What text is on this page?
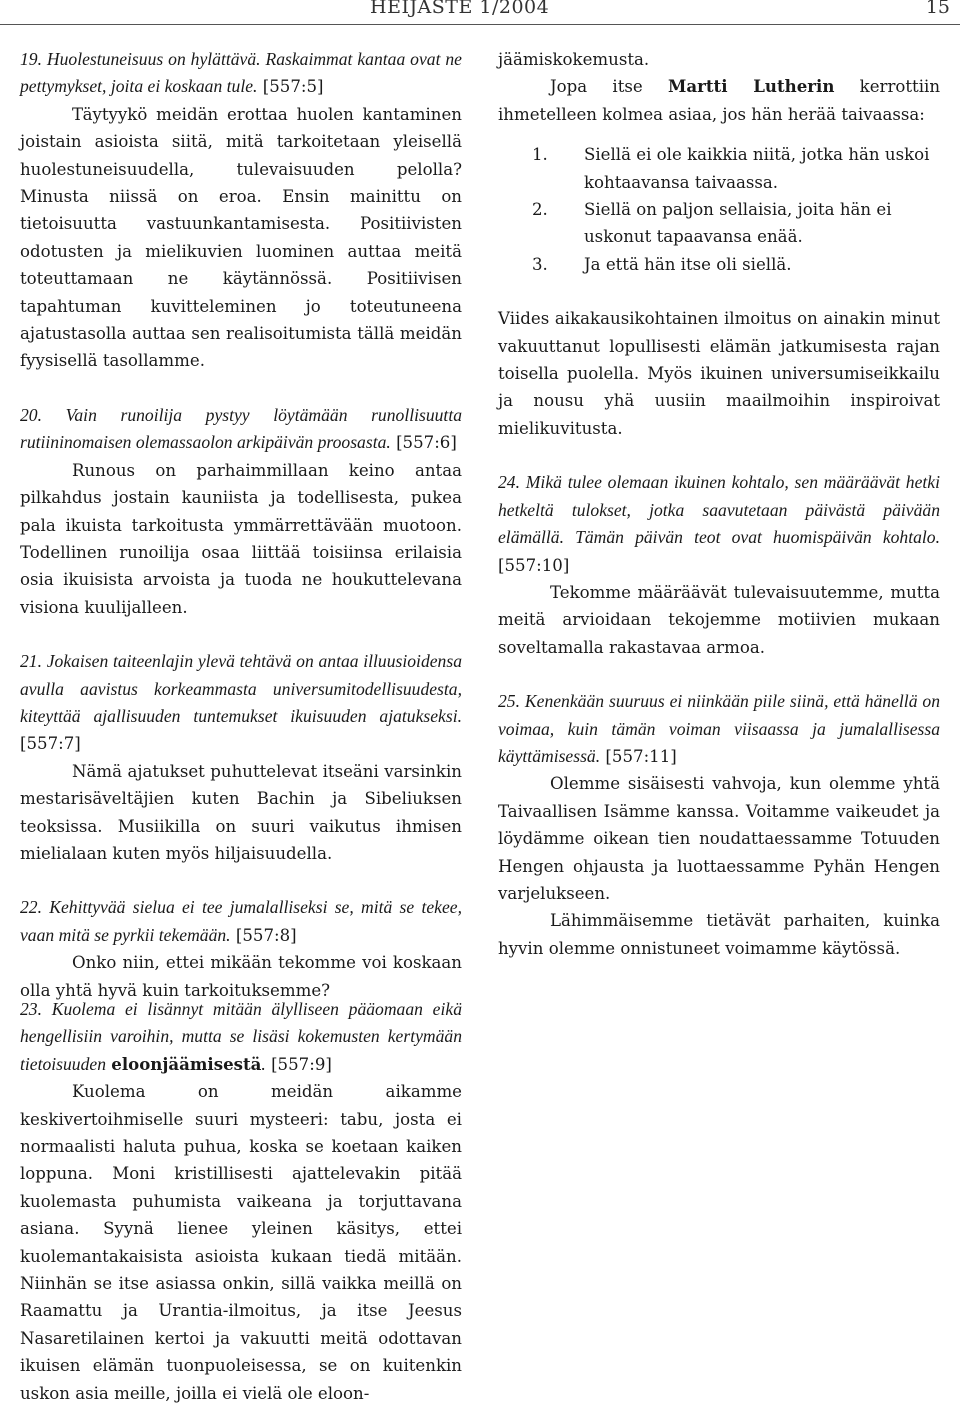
HEIJASTE 1/2004	15

19. Huolestuneisuus on hylättävä. Raskaimmat kantaa ovat ne pettymykset, joita ei koskaan tule. [557:5]

Täytyykö meidän erottaa huolen kantaminen joistain asioista siitä, mitä tarkoitetaan yleisellä huolestuneisuudella, tulevaisuuden pelolla? Minusta niissä on eroa. Ensin mainittu on tietoisuutta vastuunkantamisesta. Positiivisten odotusten ja mielikuvien luominen auttaa meitä toteuttamaan ne käytännössä. Positiivisen tapahtuman kuvitteleminen jo toteutuneena ajatustasolla auttaa sen realisoitumista tällä meidän fyysisellä tasollamme.

20. Vain runoilija pystyy löytämään runollisuutta rutiininomaisen olemassaolon arkipäivän proosasta. [557:6]

Runous on parhaimmillaan keino antaa pilkahdus jostain kauniista ja todellisesta, pukea pala ikuista tarkoitusta ymmärrettävään muotoon. Todellinen runoilija osaa liittää toisiinsa erilaisia osia ikuisista arvoista ja tuoda ne houkuttelevana visiona kuulijalleen.

21. Jokaisen taiteenlajin ylevä tehtävä on antaa illuusioidensa avulla aavistus korkeammasta universumitodellisuudesta, kiteyttää ajallisuuden tuntemukset ikuisuuden ajatukseksi. [557:7]

Nämä ajatukset puhuttelevat itseäni varsinkin mestarisäveltäjien kuten Bachin ja Sibeliuksen teoksissa. Musiikilla on suuri vaikutus ihmisen mielialaan kuten myös hiljaisuudella.

22. Kehittyvää sielua ei tee jumalalliseksi se, mitä se tekee, vaan mitä se pyrkii tekemään. [557:8]

Onko niin, ettei mikään tekomme voi koskaan olla yhtä hyvä kuin tarkoituksemme?

23. Kuolema ei lisännyt mitään älylliseen pääomaan eikä hengellisiin varoihin, mutta se lisäsi kokemusten kertymään tietoisuuden eloonjäämisestä. [557:9]

Kuolema on meidän aikamme keskivertoihmiselle suuri mysteeri: tabu, josta ei normaalisti haluta puhua, koska se koetaan kaiken loppuna. Moni kristillisesti ajattelevakin pitää kuolemasta puhumista vaikeana ja torjuttavana asiana. Syynä lienee yleinen käsitys, ettei kuolemantakaisista asioista kukaan tiedä mitään. Niinhän se itse asiassa onkin, sillä vaikka meillä on Raamattu ja Urantia-ilmoitus, ja itse Jeesus Nasaretilainen kertoi ja vakuutti meitä odottavan ikuisen elämän tuonpuoleisessa, se on kuitenkin uskon asia meille, joilla ei vielä ole eloon-

jäämiskokemusta.

Jopa itse Martti Lutherin kerrottiin ihmetelleen kolmea asiaa, jos hän herää taivaassa:

1. Siellä ei ole kaikkia niitä, jotka hän uskoi kohtaavansa taivaassa.
2. Siellä on paljon sellaisia, joita hän ei uskonut tapaavansa enää.
3. Ja että hän itse oli siellä.

Viides aikakausikohtainen ilmoitus on ainakin minut vakuuttanut lopullisesti elämän jatkumisesta rajan toisella puolella. Myös ikuinen universumiseikkailu ja nousu yhä uusiin maailmoihin inspiroivat mielikuvitusta.

24. Mikä tulee olemaan ikuinen kohtalo, sen määräävät hetki hetkeltä tulokset, jotka saavutetaan päivästä päivään elämällä. Tämän päivän teot ovat huomispäivän kohtalo. [557:10]

Tekomme määräävät tulevaisuutemme, mutta meitä arvioidaan tekojemme motiivien mukaan soveltamalla rakastavaa armoa.

25. Kenenkään suuruus ei niinkään piile siinä, että hänellä on voimaa, kuin tämän voiman viisaassa ja jumalallisessa käyttämisessä. [557:11]

Olemme sisäisesti vahvoja, kun olemme yhtä Taivaallisen Isämme kanssa. Voitamme vaikeudet ja löydämme oikean tien noudattaessamme Totuuden Hengen ohjausta ja luottaessamme Pyhän Hengen varjelukseen.

Lähimmäisemme tietävät parhaiten, kuinka hyvin olemme onnistuneet voimamme käytössä.
